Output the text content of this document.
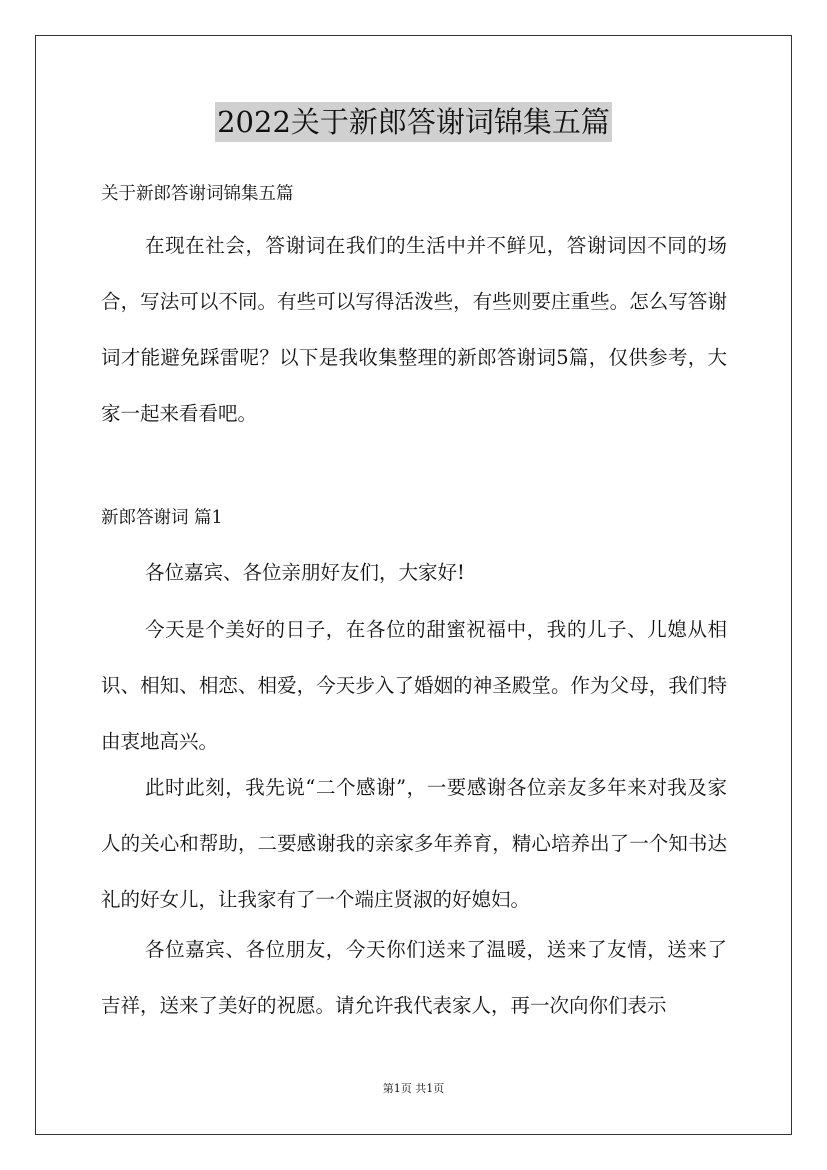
2022关于新郎答谢词锦集五篇
关于新郎答谢词锦集五篇

在现在社会，答谢词在我们的生活中并不鲜见，答谢词因不同的场合，写法可以不同。有些可以写得活泼些，有些则要庄重些。怎么写答谢词才能避免踩雷呢？以下是我收集整理的新郎答谢词5篇，仅供参考，大家一起来看看吧。

新郎答谢词 篇1

各位嘉宾、各位亲朋好友们，大家好!

今天是个美好的日子，在各位的甜蜜祝福中，我的儿子、儿媳从相识、相知、相恋、相爱，今天步入了婚姻的神圣殿堂。作为父母，我们特由衷地高兴。

此时此刻，我先说“二个感谢”，一要感谢各位亲友多年来对我及家人的关心和帮助，二要感谢我的亲家多年养育，精心培养出了一个知书达礼的好女儿，让我家有了一个端庄贤淑的好媳妇。

各位嘉宾、各位朋友，今天你们送来了温暖，送来了友情，送来了吉祥，送来了美好的祝愿。请允许我代表家人，再一次向你们表示

第1页 共1页
